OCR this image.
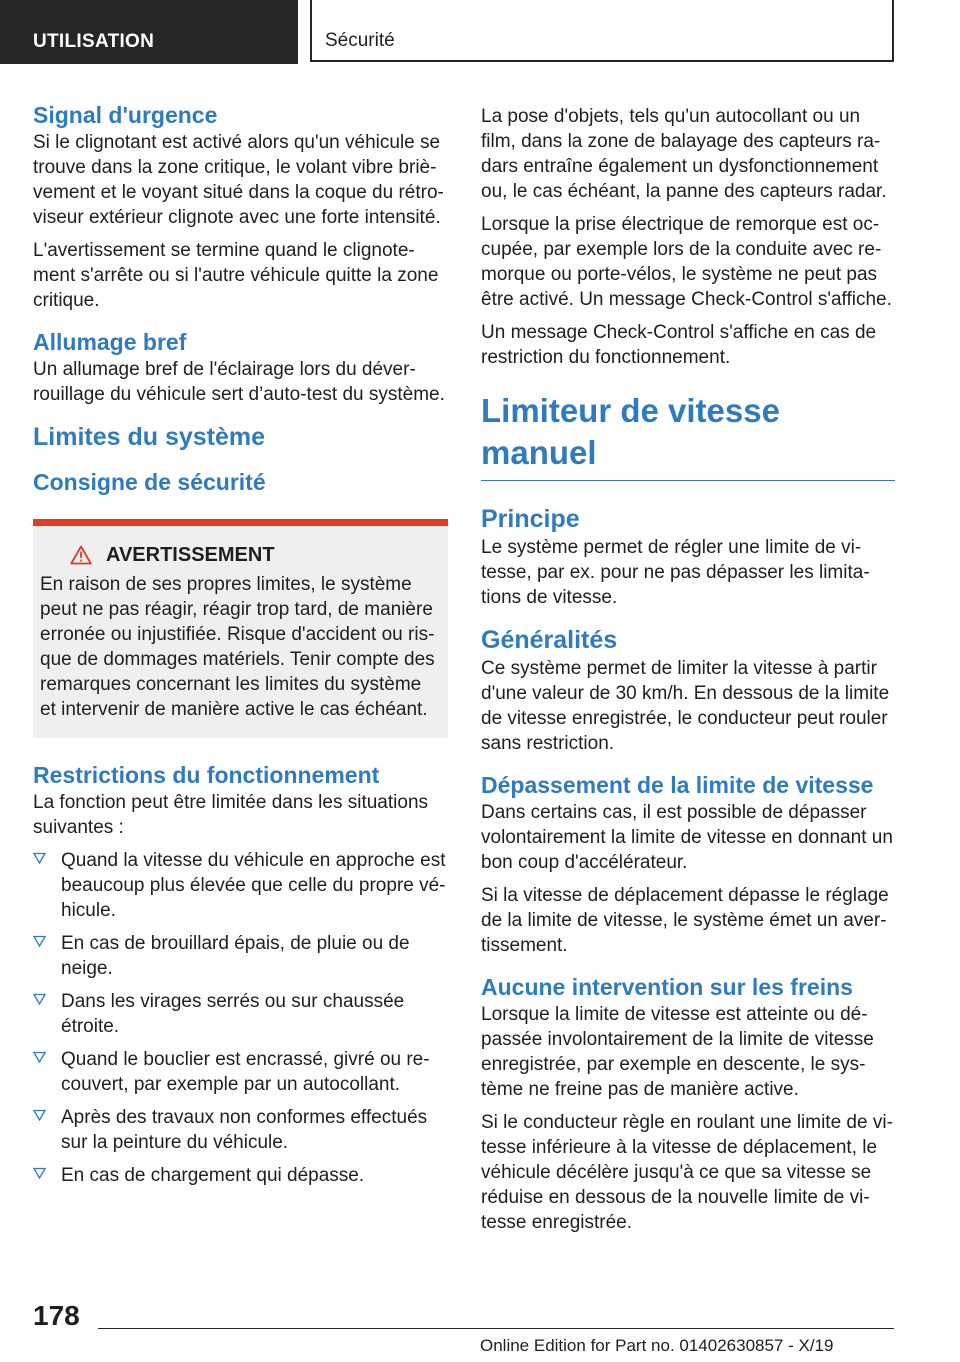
UTILISATION	Sécurité
Signal d'urgence

Si le clignotant est activé alors qu'un véhicule se trouve dans la zone critique, le volant vibre brièvement et le voyant situé dans la coque du rétroviseur extérieur clignote avec une forte intensité.

L'avertissement se termine quand le clignotement s'arrête ou si l'autre véhicule quitte la zone critique.

Allumage bref

Un allumage bref de l'éclairage lors du déverrouillage du véhicule sert d’auto-test du système.

Limites du système
Consigne de sécurité
AVERTISSEMENT

En raison de ses propres limites, le système peut ne pas réagir, réagir trop tard, de manière erronée ou injustifiée. Risque d'accident ou risque de dommages matériels. Tenir compte des remarques concernant les limites du système et intervenir de manière active le cas échéant.

Restrictions du fonctionnement

La fonction peut être limitée dans les situations suivantes :

Quand la vitesse du véhicule en approche est beaucoup plus élevée que celle du propre véhicule.
En cas de brouillard épais, de pluie ou de neige.
Dans les virages serrés ou sur chaussée étroite.
Quand le bouclier est encrassé, givré ou recouvert, par exemple par un autocollant.
Après des travaux non conformes effectués sur la peinture du véhicule.
En cas de chargement qui dépasse.

La pose d'objets, tels qu'un autocollant ou un film, dans la zone de balayage des capteurs radars entraîne également un dysfonctionnement ou, le cas échéant, la panne des capteurs radar.

Lorsque la prise électrique de remorque est occupée, par exemple lors de la conduite avec remorque ou porte-vélos, le système ne peut pas être activé. Un message Check-Control s'affiche.

Un message Check-Control s'affiche en cas de restriction du fonctionnement.

Limiteur de vitesse manuel
Principe

Le système permet de régler une limite de vitesse, par ex. pour ne pas dépasser les limitations de vitesse.

Généralités

Ce système permet de limiter la vitesse à partir d'une valeur de 30 km/h. En dessous de la limite de vitesse enregistrée, le conducteur peut rouler sans restriction.

Dépassement de la limite de vitesse

Dans certains cas, il est possible de dépasser volontairement la limite de vitesse en donnant un bon coup d'accélérateur.

Si la vitesse de déplacement dépasse le réglage de la limite de vitesse, le système émet un avertissement.

Aucune intervention sur les freins

Lorsque la limite de vitesse est atteinte ou dépassée involontairement de la limite de vitesse enregistrée, par exemple en descente, le système ne freine pas de manière active.

Si le conducteur règle en roulant une limite de vitesse inférieure à la vitesse de déplacement, le véhicule décélère jusqu'à ce que sa vitesse se réduise en dessous de la nouvelle limite de vitesse enregistrée.

178
Online Edition for Part no. 01402630857 - X/19
